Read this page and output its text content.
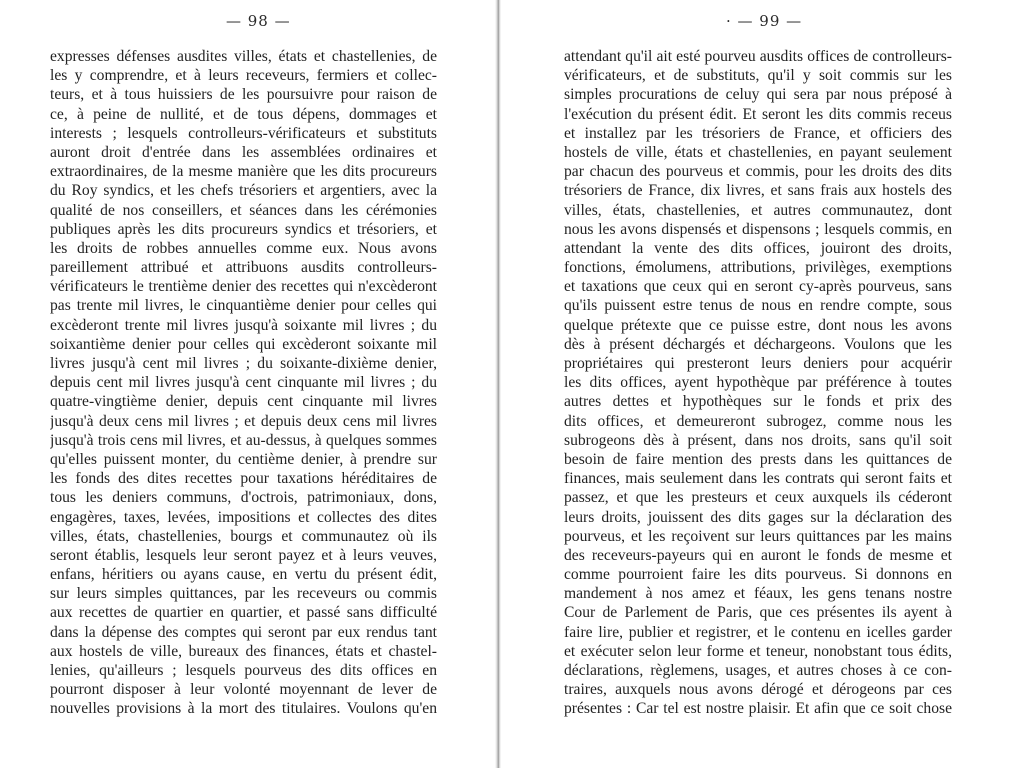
— 98 —
expresses défenses ausdites villes, états et chastellenies, de
les y comprendre, et à leurs receveurs, fermiers et collec-
teurs, et à tous huissiers de les poursuivre pour raison de
ce, à peine de nullité, et de tous dépens, dommages et
interests ; lesquels controlleurs-vérificateurs et substituts
auront droit d'entrée dans les assemblées ordinaires et
extraordinaires, de la mesme manière que les dits procureurs
du Roy syndics, et les chefs trésoriers et argentiers, avec la
qualité de nos conseillers, et séances dans les cérémonies
publiques après les dits procureurs syndics et trésoriers, et
les droits de robbes annuelles comme eux. Nous avons
pareillement attribué et attribuons ausdits controlleurs-
vérificateurs le trentième denier des recettes qui n'excèderont
pas trente mil livres, le cinquantième denier pour celles qui
excèderont trente mil livres jusqu'à soixante mil livres ; du
soixantième denier pour celles qui excèderont soixante mil
livres jusqu'à cent mil livres ; du soixante-dixième denier,
depuis cent mil livres jusqu'à cent cinquante mil livres ; du
quatre-vingtième denier, depuis cent cinquante mil livres
jusqu'à deux cens mil livres ; et depuis deux cens mil livres
jusqu'à trois cens mil livres, et au-dessus, à quelques sommes
qu'elles puissent monter, du centième denier, à prendre sur
les fonds des dites recettes pour taxations héréditaires de
tous les deniers communs, d'octrois, patrimoniaux, dons,
engagères, taxes, levées, impositions et collectes des dites
villes, états, chastellenies, bourgs et communautez où ils
seront établis, lesquels leur seront payez et à leurs veuves,
enfans, héritiers ou ayans cause, en vertu du présent édit,
sur leurs simples quittances, par les receveurs ou commis
aux recettes de quartier en quartier, et passé sans difficulté
dans la dépense des comptes qui seront par eux rendus tant
aux hostels de ville, bureaux des finances, états et chastel-
lenies, qu'ailleurs ; lesquels pourveus des dits offices en
pourront disposer à leur volonté moyennant de lever de
nouvelles provisions à la mort des titulaires. Voulons qu'en
· — 99 —
attendant qu'il ait esté pourveu ausdits offices de controlleurs-
vérificateurs, et de substituts, qu'il y soit commis sur les
simples procurations de celuy qui sera par nous préposé à
l'exécution du présent édit. Et seront les dits commis receus
et installez par les trésoriers de France, et officiers des
hostels de ville, états et chastellenies, en payant seulement
par chacun des pourveus et commis, pour les droits des dits
trésoriers de France, dix livres, et sans frais aux hostels des
villes, états, chastellenies, et autres communautez, dont
nous les avons dispensés et dispensons ; lesquels commis, en
attendant la vente des dits offices, jouiront des droits,
fonctions, émolumens, attributions, privilèges, exemptions
et taxations que ceux qui en seront cy-après pourveus, sans
qu'ils puissent estre tenus de nous en rendre compte, sous
quelque prétexte que ce puisse estre, dont nous les avons
dès à présent déchargés et déchargeons. Voulons que les
propriétaires qui presteront leurs deniers pour acquérir
les dits offices, ayent hypothèque par préférence à toutes
autres dettes et hypothèques sur le fonds et prix des
dits offices, et demeureront subrogez, comme nous les
subrogeons dès à présent, dans nos droits, sans qu'il soit
besoin de faire mention des prests dans les quittances de
finances, mais seulement dans les contrats qui seront faits et
passez, et que les presteurs et ceux auxquels ils céderont
leurs droits, jouissent des dits gages sur la déclaration des
pourveus, et les reçoivent sur leurs quittances par les mains
des receveurs-payeurs qui en auront le fonds de mesme et
comme pourroient faire les dits pourveus. Si donnons en
mandement à nos amez et féaux, les gens tenans nostre
Cour de Parlement de Paris, que ces présentes ils ayent à
faire lire, publier et registrer, et le contenu en icelles garder
et exécuter selon leur forme et teneur, nonobstant tous édits,
déclarations, règlemens, usages, et autres choses à ce con-
traires, auxquels nous avons dérogé et dérogeons par ces
présentes : Car tel est nostre plaisir. Et afin que ce soit chose
